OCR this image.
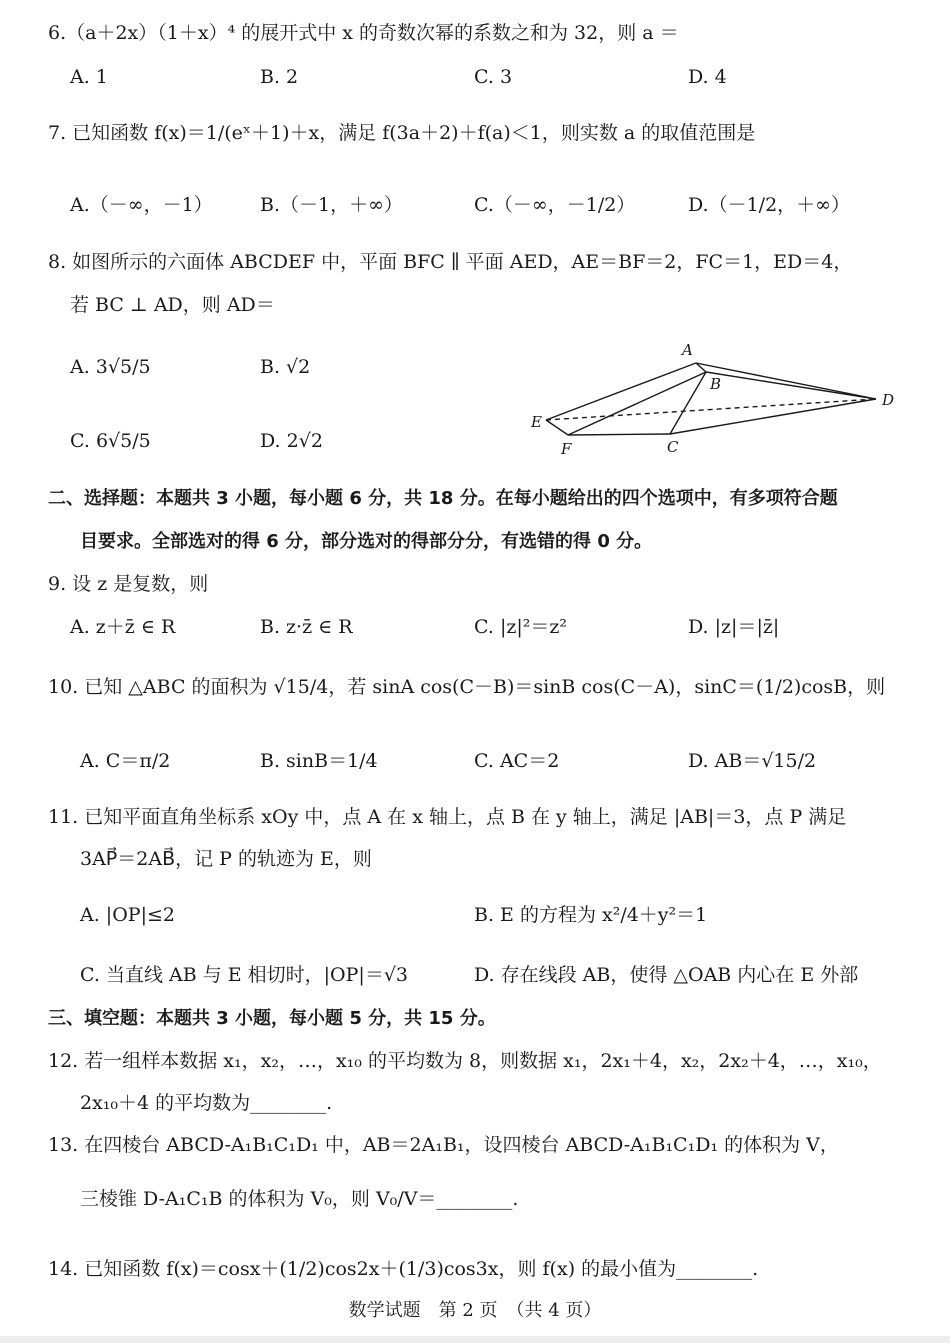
6.（a＋2x）（1＋x）⁴ 的展开式中 x 的奇数次幂的系数之和为 32，则 a ＝
A. 1	B. 2	C. 3	D. 4
7. 已知函数 f(x)＝1/(eˣ＋1)＋x，满足 f(3a＋2)＋f(a)＜1，则实数 a 的取值范围是
A.（－∞，－1） B.（－1，＋∞）	C.（－∞，－1/2）	D.（－1/2，＋∞）
8. 如图所示的六面体 ABCDEF 中，平面 BFC ∥ 平面 AED，AE＝BF＝2，FC＝1，ED＝4，
若 BC ⊥ AD，则 AD＝
A. 3√5/5	B. √2
C. 6√5/5	D. 2√2
A
B
C
D
E
F
二、选择题：本题共 3 小题，每小题 6 分，共 18 分。在每小题给出的四个选项中，有多项符合题
目要求。全部选对的得 6 分，部分选对的得部分分，有选错的得 0 分。
9. 设 z 是复数，则
A. z＋z̄ ∈ R	B. z·z̄ ∈ R	C. |z|²＝z²	D. |z|＝|z̄|
10. 已知 △ABC 的面积为 √15/4，若 sinA cos(C－B)＝sinB cos(C－A)，sinC＝(1/2)cosB，则
A. C＝π/2	B. sinB＝1/4	C. AC＝2	D. AB＝√15/2
11. 已知平面直角坐标系 xOy 中，点 A 在 x 轴上，点 B 在 y 轴上，满足 |AB|＝3，点 P 满足
3AP⃗＝2AB⃗，记 P 的轨迹为 E，则
A. |OP|≤2	B. E 的方程为 x²/4＋y²＝1
C. 当直线 AB 与 E 相切时，|OP|＝√3	D. 存在线段 AB，使得 △OAB 内心在 E 外部
三、填空题：本题共 3 小题，每小题 5 分，共 15 分。
12. 若一组样本数据 x₁，x₂，…，x₁₀ 的平均数为 8，则数据 x₁，2x₁＋4，x₂，2x₂＋4，…，x₁₀，
2x₁₀＋4 的平均数为________.
13. 在四棱台 ABCD-A₁B₁C₁D₁ 中，AB＝2A₁B₁，设四棱台 ABCD-A₁B₁C₁D₁ 的体积为 V，
三棱锥 D-A₁C₁B 的体积为 V₀，则 V₀/V＝________.
14. 已知函数 f(x)＝cosx＋(1/2)cos2x＋(1/3)cos3x，则 f(x) 的最小值为________.
数学试题　第 2 页　（共 4 页）
